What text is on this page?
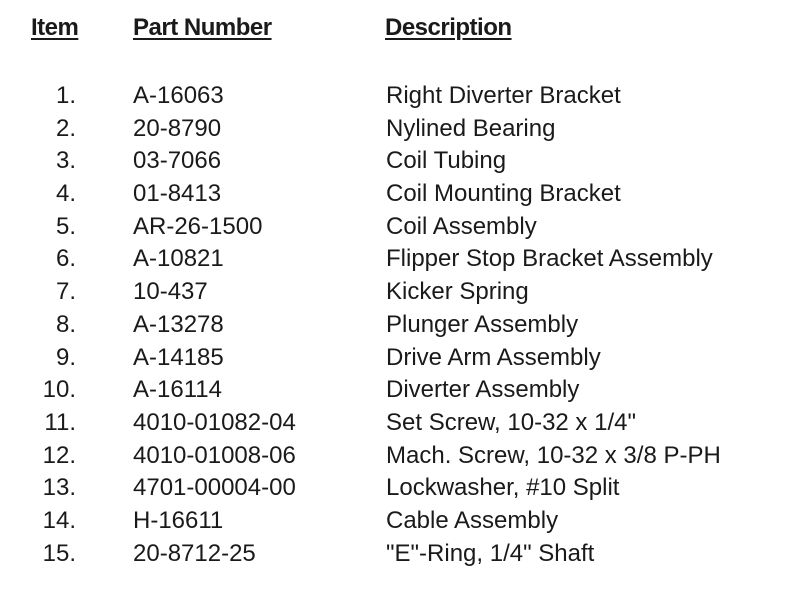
Item Part Number	Description
1. A-16063	Right Diverter Bracket
2. 20-8790	Nylined Bearing
3. 03-7066	Coil Tubing
4. 01-8413	Coil Mounting Bracket
5. AR-26-1500	Coil Assembly
6. A-10821	Flipper Stop Bracket Assembly
7. 10-437	Kicker Spring
8. A-13278	Plunger Assembly
9. A-14185	Drive Arm Assembly
10. A-16114	Diverter Assembly
11. 4010-01082-04	Set Screw, 10-32 x 1/4"
12. 4010-01008-06	Mach. Screw, 10-32 x 3/8 P-PH
13. 4701-00004-00	Lockwasher, #10 Split
14. H-16611	Cable Assembly
15. 20-8712-25	"E"-Ring, 1/4" Shaft
